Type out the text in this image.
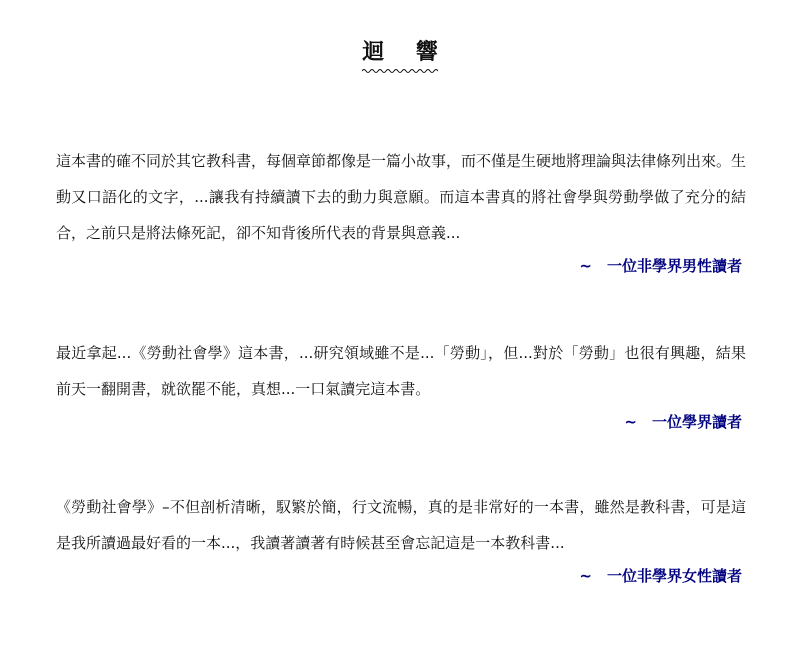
迴 響

這本書的確不同於其它教科書，每個章節都像是一篇小故事，而不僅是生硬地將理論與法律條列出來。生動又口語化的文字，...讓我有持續讀下去的動力與意願。而這本書真的將社會學與勞動學做了充分的結合，之前只是將法條死記，卻不知背後所代表的背景與意義...

~　一位非學界男性讀者

最近拿起...《勞動社會學》這本書，...研究領域雖不是...「勞動」，但...對於「勞動」也很有興趣，結果前天一翻開書，就欲罷不能，真想...一口氣讀完這本書。

~　一位學界讀者

《勞動社會學》–不但剖析清晰，馭繁於簡，行文流暢，真的是非常好的一本書，雖然是教科書，可是這是我所讀過最好看的一本...，我讀著讀著有時候甚至會忘記這是一本教科書...

~　一位非學界女性讀者
